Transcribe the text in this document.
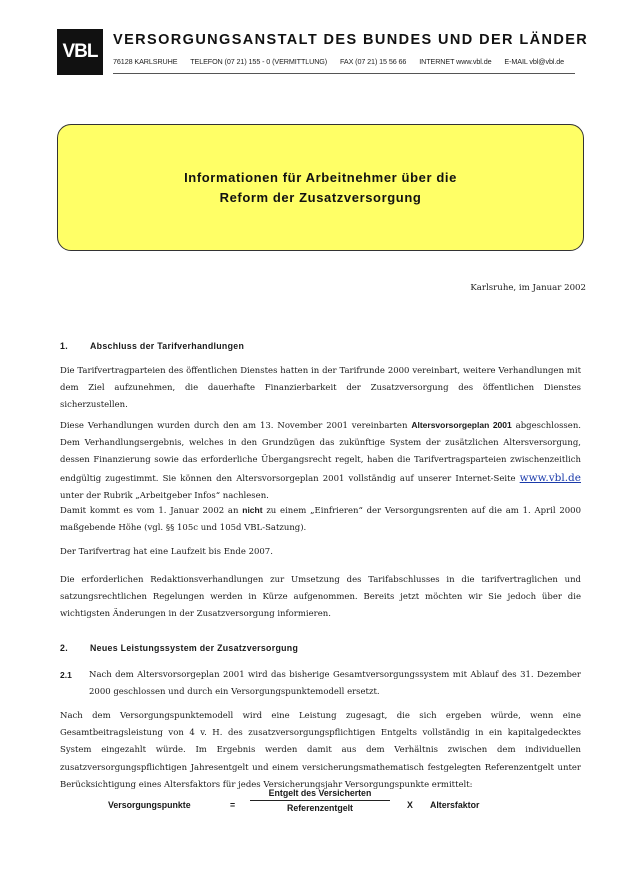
VBL
VERSORGUNGSANSTALT DES BUNDES UND DER LÄNDER
76128 KARLSRUHE TELEFON (07 21) 155 - 0 (VERMITTLUNG) FAX (07 21) 15 56 66 INTERNET www.vbl.de E-MAIL vbl@vbl.de
Informationen für Arbeitnehmer über die
Reform der Zusatzversorgung
Karlsruhe, im Januar 2002
1.	Abschluss der Tarifverhandlungen

Die Tarifvertragparteien des öffentlichen Dienstes hatten in der Tarifrunde 2000 vereinbart, weitere Verhandlungen mit dem Ziel aufzunehmen, die dauerhafte Finanzierbarkeit der Zusatzversorgung des öffentlichen Dienstes sicherzustellen.

Diese Verhandlungen wurden durch den am 13. November 2001 vereinbarten Altersvorsorgeplan 2001 abgeschlossen. Dem Verhandlungsergebnis, welches in den Grundzügen das zukünftige System der zusätzlichen Altersversorgung, dessen Finanzierung sowie das erforderliche Übergangsrecht regelt, haben die Tarifvertragsparteien zwischenzeitlich endgültig zugestimmt. Sie können den Altersvorsorgeplan 2001 vollständig auf unserer Internet-Seite www.vbl.de unter der Rubrik „Arbeitgeber Infos“ nachlesen.

Damit kommt es vom 1. Januar 2002 an nicht zu einem „Einfrieren“ der Versorgungsrenten auf die am 1. April 2000 maßgebende Höhe (vgl. §§ 105c und 105d VBL-Satzung).

Der Tarifvertrag hat eine Laufzeit bis Ende 2007.

Die erforderlichen Redaktionsverhandlungen zur Umsetzung des Tarifabschlusses in die tarifvertraglichen und satzungsrechtlichen Regelungen werden in Kürze aufgenommen. Bereits jetzt möchten wir Sie jedoch über die wichtigsten Änderungen in der Zusatzversorgung informieren.

2.	Neues Leistungssystem der Zusatzversorgung
2.1 Nach dem Altersvorsorgeplan 2001 wird das bisherige Gesamtversorgungssystem mit Ablauf des 31. Dezember 2000 geschlossen und durch ein Versorgungspunktemodell ersetzt.

Nach dem Versorgungspunktemodell wird eine Leistung zugesagt, die sich ergeben würde, wenn eine Gesamtbeitragsleistung von 4 v. H. des zusatzversorgungspflichtigen Entgelts vollständig in ein kapitalgedecktes System eingezahlt würde. Im Ergebnis werden damit aus dem Verhältnis zwischen dem individuellen zusatzversorgungspflichtigen Jahresentgelt und einem versicherungsmathematisch festgelegten Referenzentgelt unter Berücksichtigung eines Altersfaktors für jedes Versicherungsjahr Versorgungspunkte ermittelt:

Versorgungspunkte	=
Entgelt des Versicherten
Referenzentgelt	X Altersfaktor
